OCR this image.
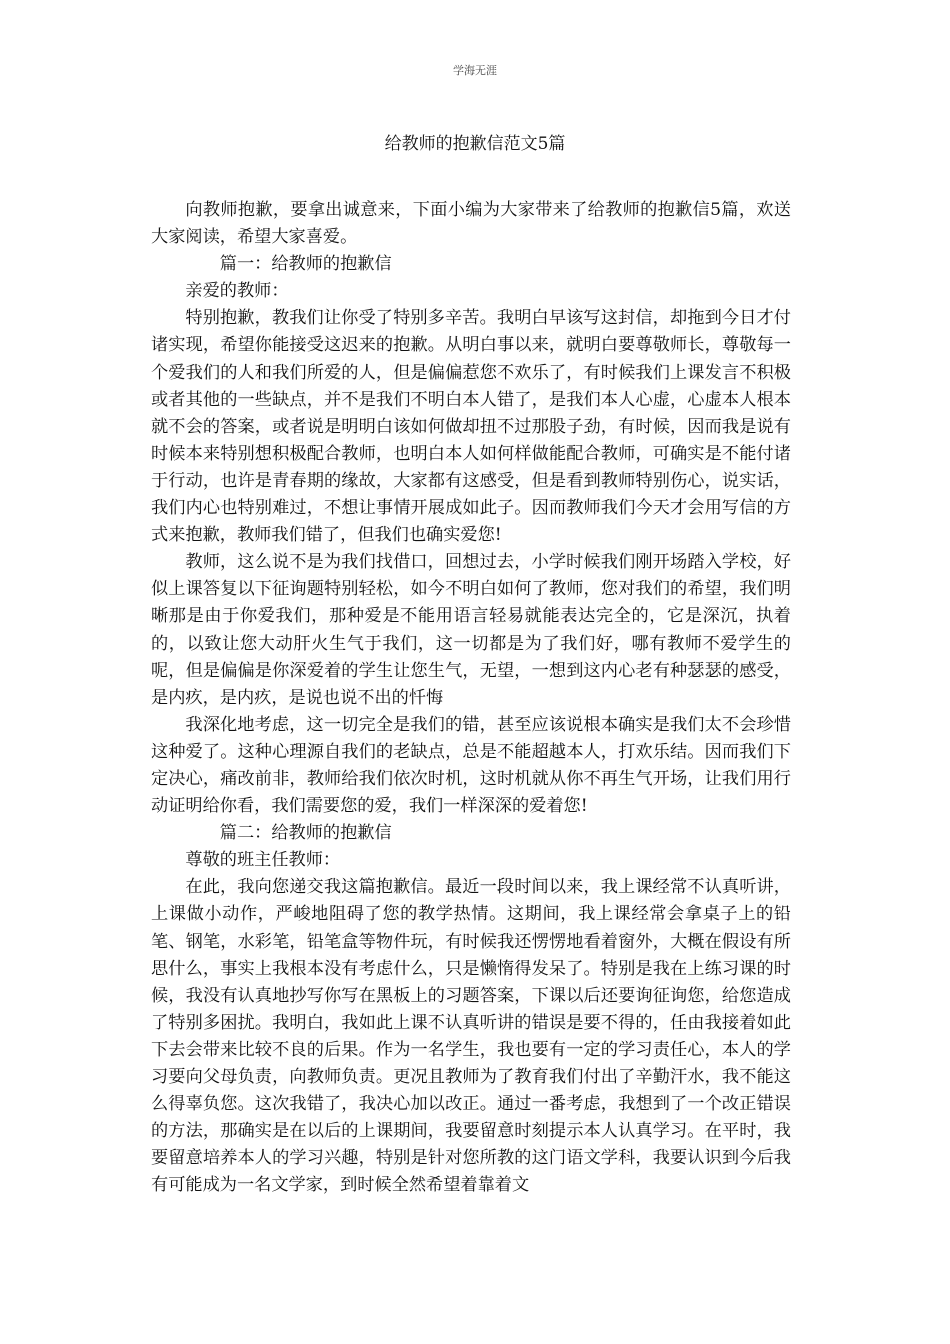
学海无涯
给教师的抱歉信范文5篇

向教师抱歉，要拿出诚意来，下面小编为大家带来了给教师的抱歉信5篇，欢送大家阅读，希望大家喜爱。

篇一：给教师的抱歉信

亲爱的教师：

特别抱歉，教我们让你受了特别多辛苦。我明白早该写这封信，却拖到今日才付诸实现，希望你能接受这迟来的抱歉。从明白事以来，就明白要尊敬师长，尊敬每一个爱我们的人和我们所爱的人，但是偏偏惹您不欢乐了，有时候我们上课发言不积极或者其他的一些缺点，并不是我们不明白本人错了，是我们本人心虚，心虚本人根本就不会的答案，或者说是明明白该如何做却扭不过那股子劲，有时候，因而我是说有时候本来特别想积极配合教师，也明白本人如何样做能配合教师，可确实是不能付诸于行动，也许是青春期的缘故，大家都有这感受，但是看到教师特别伤心，说实话，我们内心也特别难过，不想让事情开展成如此子。因而教师我们今天才会用写信的方式来抱歉，教师我们错了，但我们也确实爱您!

教师，这么说不是为我们找借口，回想过去，小学时候我们刚开场踏入学校，好似上课答复以下征询题特别轻松，如今不明白如何了教师，您对我们的希望，我们明晰那是由于你爱我们，那种爱是不能用语言轻易就能表达完全的，它是深沉，执着的，以致让您大动肝火生气于我们，这一切都是为了我们好，哪有教师不爱学生的呢，但是偏偏是你深爱着的学生让您生气，无望，一想到这内心老有种瑟瑟的感受，是内疚，是内疚，是说也说不出的忏悔

我深化地考虑，这一切完全是我们的错，甚至应该说根本确实是我们太不会珍惜这种爱了。这种心理源自我们的老缺点，总是不能超越本人，打欢乐结。因而我们下定决心，痛改前非，教师给我们依次时机，这时机就从你不再生气开场，让我们用行动证明给你看，我们需要您的爱，我们一样深深的爱着您!

篇二：给教师的抱歉信

尊敬的班主任教师：

在此，我向您递交我这篇抱歉信。最近一段时间以来，我上课经常不认真听讲，上课做小动作，严峻地阻碍了您的教学热情。这期间，我上课经常会拿桌子上的铅笔、钢笔，水彩笔，铅笔盒等物件玩，有时候我还愣愣地看着窗外，大概在假设有所思什么，事实上我根本没有考虑什么，只是懒惰得发呆了。特别是我在上练习课的时候，我没有认真地抄写你写在黑板上的习题答案，下课以后还要询征询您，给您造成了特别多困扰。我明白，我如此上课不认真听讲的错误是要不得的，任由我接着如此下去会带来比较不良的后果。作为一名学生，我也要有一定的学习责任心，本人的学习要向父母负责，向教师负责。更况且教师为了教育我们付出了辛勤汗水，我不能这么得辜负您。这次我错了，我决心加以改正。通过一番考虑，我想到了一个改正错误的方法，那确实是在以后的上课期间，我要留意时刻提示本人认真学习。在平时，我要留意培养本人的学习兴趣，特别是针对您所教的这门语文学科，我要认识到今后我有可能成为一名文学家，到时候全然希望着靠着文
